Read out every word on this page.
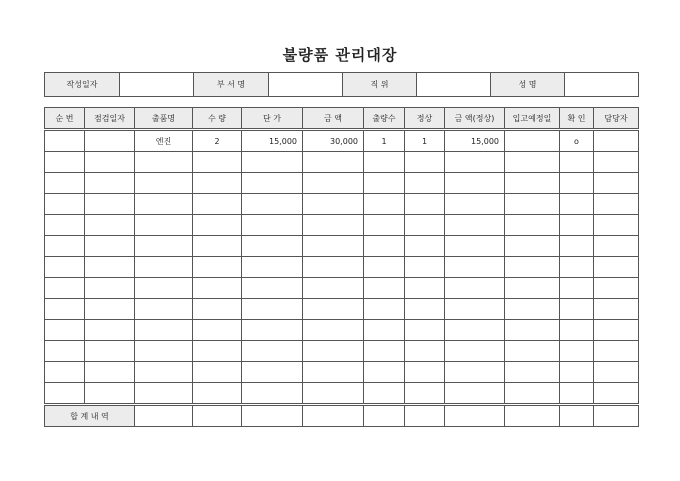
불량품 관리대장
작성일자		부 서 명		직 위		성 명	
순 번	점검일자	출품명	수 량	단 가	금 액	출량수	정상	금 액(정상)	입고예정일	확 인	담당자
		엔진	2	15,000	30,000	1	1	15,000		o	

합 계 내 역											
